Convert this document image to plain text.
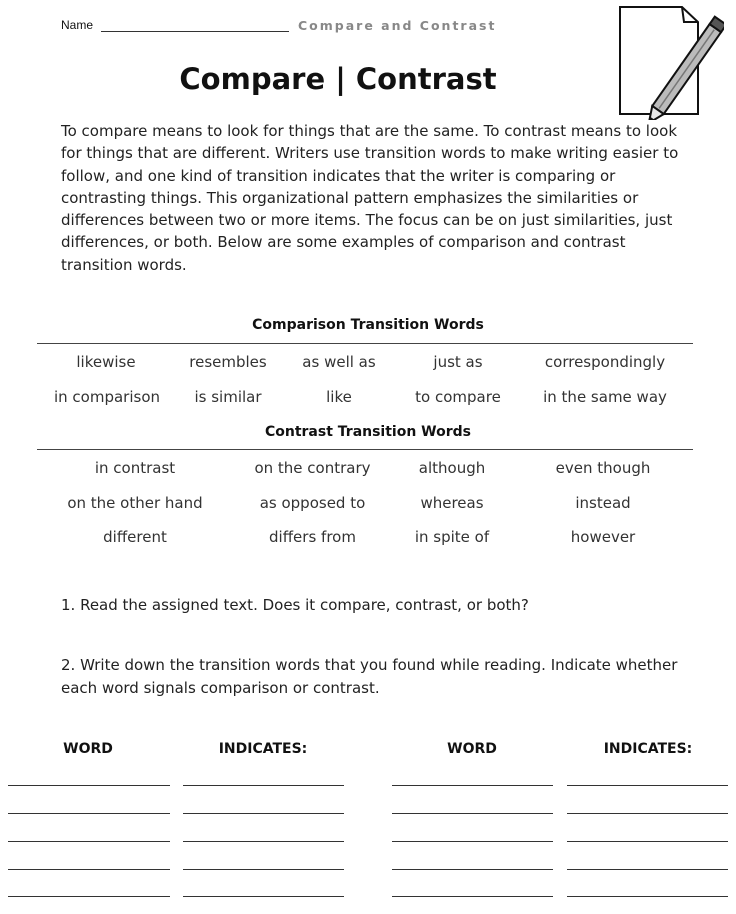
Name	Compare and Contrast
Compare | Contrast
To compare means to look for things that are the same. To contrast means to look for things that are different. Writers use transition words to make writing easier to follow, and one kind of transition indicates that the writer is comparing or contrasting things. This organizational pattern emphasizes the similarities or differences between two or more items. The focus can be on just similarities, just differences, or both. Below are some examples of comparison and contrast transition words.
Comparison Transition Words
likewise	resembles	as well as	just as	correspondingly
in comparison	is similar	like	to compare	in the same way
Contrast Transition Words
in contrast	on the contrary	although	even though
on the other hand	as opposed to	whereas	instead
different	differs from	in spite of	however
1. Read the assigned text. Does it compare, contrast, or both?
2. Write down the transition words that you found while reading. Indicate whether each word signals comparison or contrast.
WORD	INDICATES:	WORD	INDICATES:
